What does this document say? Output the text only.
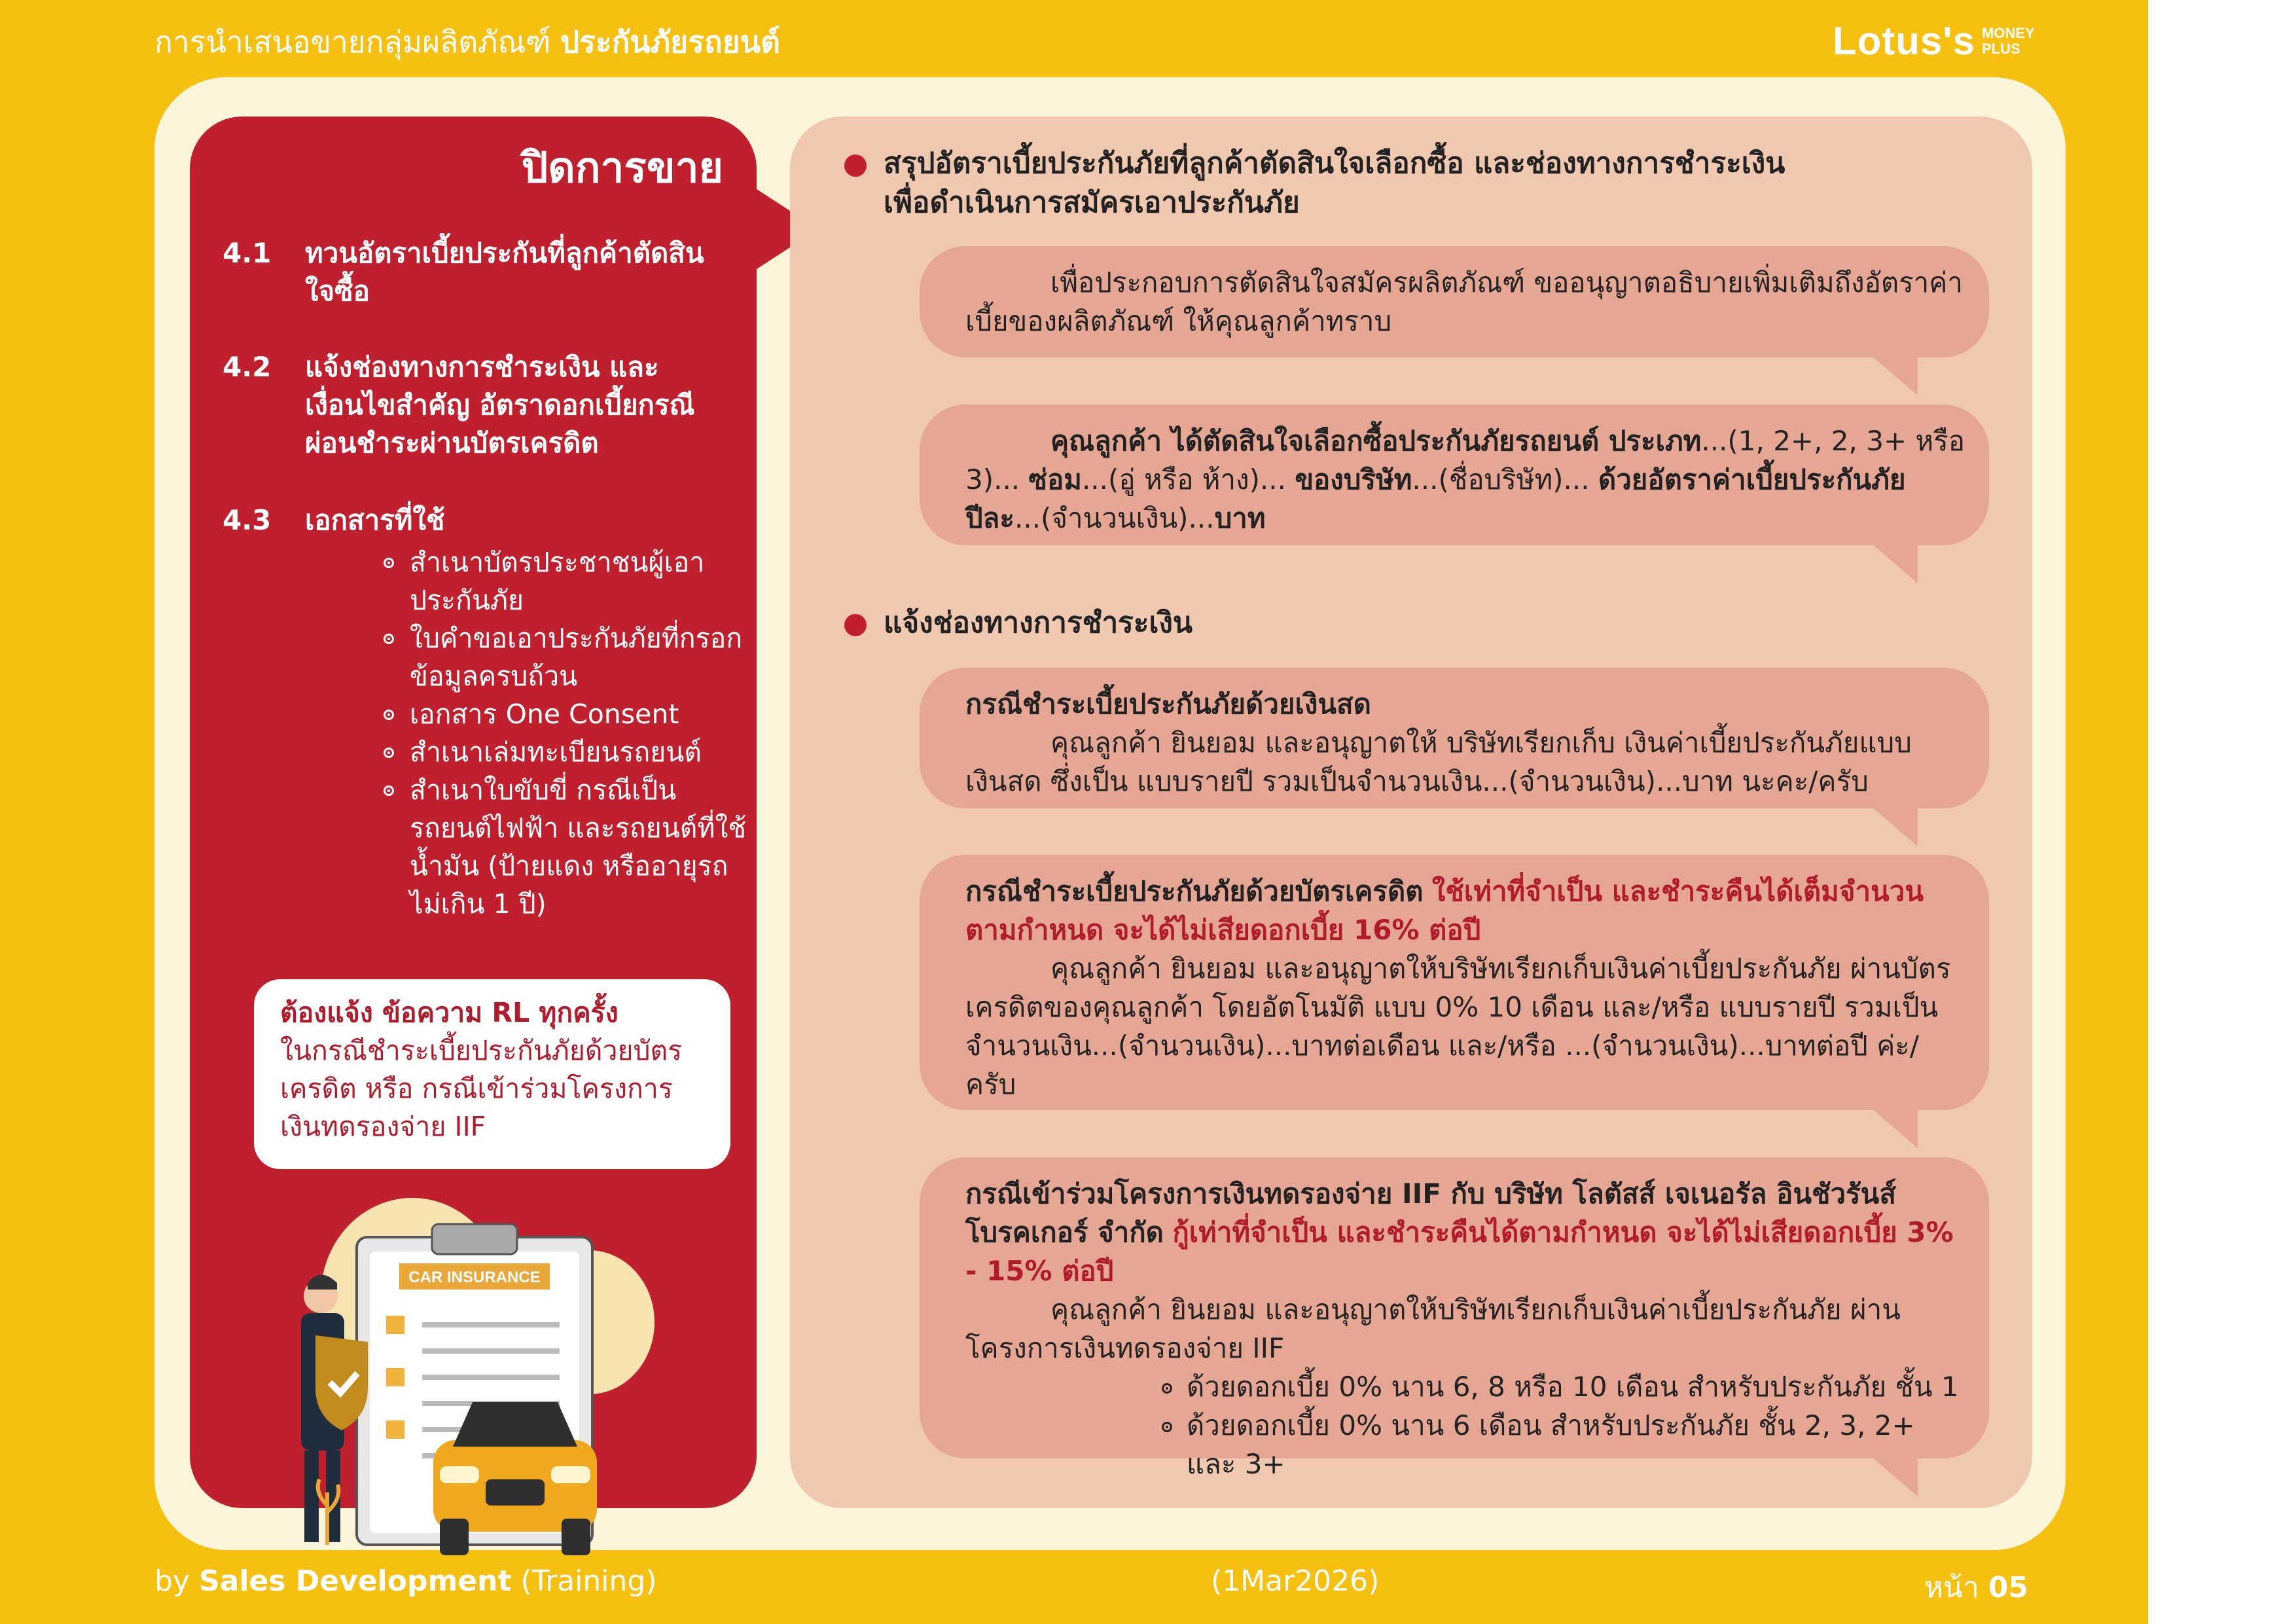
การนำเสนอขายกลุ่มผลิตภัณฑ์ ประกันภัยรถยนต์	Lotus's MONEY
PLUS
ปิดการขาย
4.1	ทวนอัตราเบี้ยประกันที่ลูกค้าตัดสินใจซื้อ
4.2	แจ้งช่องทางการชำระเงิน และเงื่อนไขสำคัญ อัตราดอกเบี้ยกรณีผ่อนชำระผ่านบัตรเครดิต
4.3	เอกสารที่ใช้
สำเนาบัตรประชาชนผู้เอาประกันภัย
ใบคำขอเอาประกันภัยที่กรอกข้อมูลครบถ้วน
เอกสาร One Consent
สำเนาเล่มทะเบียนรถยนต์
สำเนาใบขับขี่ กรณีเป็นรถยนต์ไฟฟ้า และรถยนต์ที่ใช้น้ำมัน (ป้ายแดง หรืออายุรถไม่เกิน 1 ปี)
ต้องแจ้ง ข้อความ RL ทุกครั้ง
ในกรณีชำระเบี้ยประกันภัยด้วยบัตรเครดิต หรือ กรณีเข้าร่วมโครงการเงินทดรองจ่าย IIF
CAR INSURANCE
สรุปอัตราเบี้ยประกันภัยที่ลูกค้าตัดสินใจเลือกซื้อ และช่องทางการชำระเงิน
เพื่อดำเนินการสมัครเอาประกันภัย
เพื่อประกอบการตัดสินใจสมัครผลิตภัณฑ์ ขออนุญาตอธิบายเพิ่มเติมถึงอัตราค่าเบี้ยของผลิตภัณฑ์ ให้คุณลูกค้าทราบ
คุณลูกค้า ได้ตัดสินใจเลือกซื้อประกันภัยรถยนต์ ประเภท...(1, 2+, 2, 3+ หรือ 3)... ซ่อม...(อู่ หรือ ห้าง)... ของบริษัท...(ชื่อบริษัท)... ด้วยอัตราค่าเบี้ยประกันภัย ปีละ...(จำนวนเงิน)...บาท
แจ้งช่องทางการชำระเงิน
กรณีชำระเบี้ยประกันภัยด้วยเงินสด
คุณลูกค้า ยินยอม และอนุญาตให้ บริษัทเรียกเก็บ เงินค่าเบี้ยประกันภัยแบบเงินสด ซึ่งเป็น แบบรายปี รวมเป็นจำนวนเงิน...(จำนวนเงิน)...บาท นะคะ/ครับ
กรณีชำระเบี้ยประกันภัยด้วยบัตรเครดิต ใช้เท่าที่จำเป็น และชำระคืนได้เต็มจำนวนตามกำหนด จะได้ไม่เสียดอกเบี้ย 16% ต่อปี
คุณลูกค้า ยินยอม และอนุญาตให้บริษัทเรียกเก็บเงินค่าเบี้ยประกันภัย ผ่านบัตรเครดิตของคุณลูกค้า โดยอัตโนมัติ แบบ 0% 10 เดือน และ/หรือ แบบรายปี รวมเป็นจำนวนเงิน...(จำนวนเงิน)...บาทต่อเดือน และ/หรือ ...(จำนวนเงิน)...บาทต่อปี ค่ะ/ครับ
กรณีเข้าร่วมโครงการเงินทดรองจ่าย IIF กับ บริษัท โลตัสส์ เจเนอรัล อินชัวรันส์ โบรคเกอร์ จำกัด กู้เท่าที่จำเป็น และชำระคืนได้ตามกำหนด จะได้ไม่เสียดอกเบี้ย 3% - 15% ต่อปี
คุณลูกค้า ยินยอม และอนุญาตให้บริษัทเรียกเก็บเงินค่าเบี้ยประกันภัย ผ่านโครงการเงินทดรองจ่าย IIF
ด้วยดอกเบี้ย 0% นาน 6, 8 หรือ 10 เดือน สำหรับประกันภัย ชั้น 1
ด้วยดอกเบี้ย 0% นาน 6 เดือน สำหรับประกันภัย ชั้น 2, 3, 2+ และ 3+
by Sales Development (Training)	(1Mar2026)	หน้า 05
